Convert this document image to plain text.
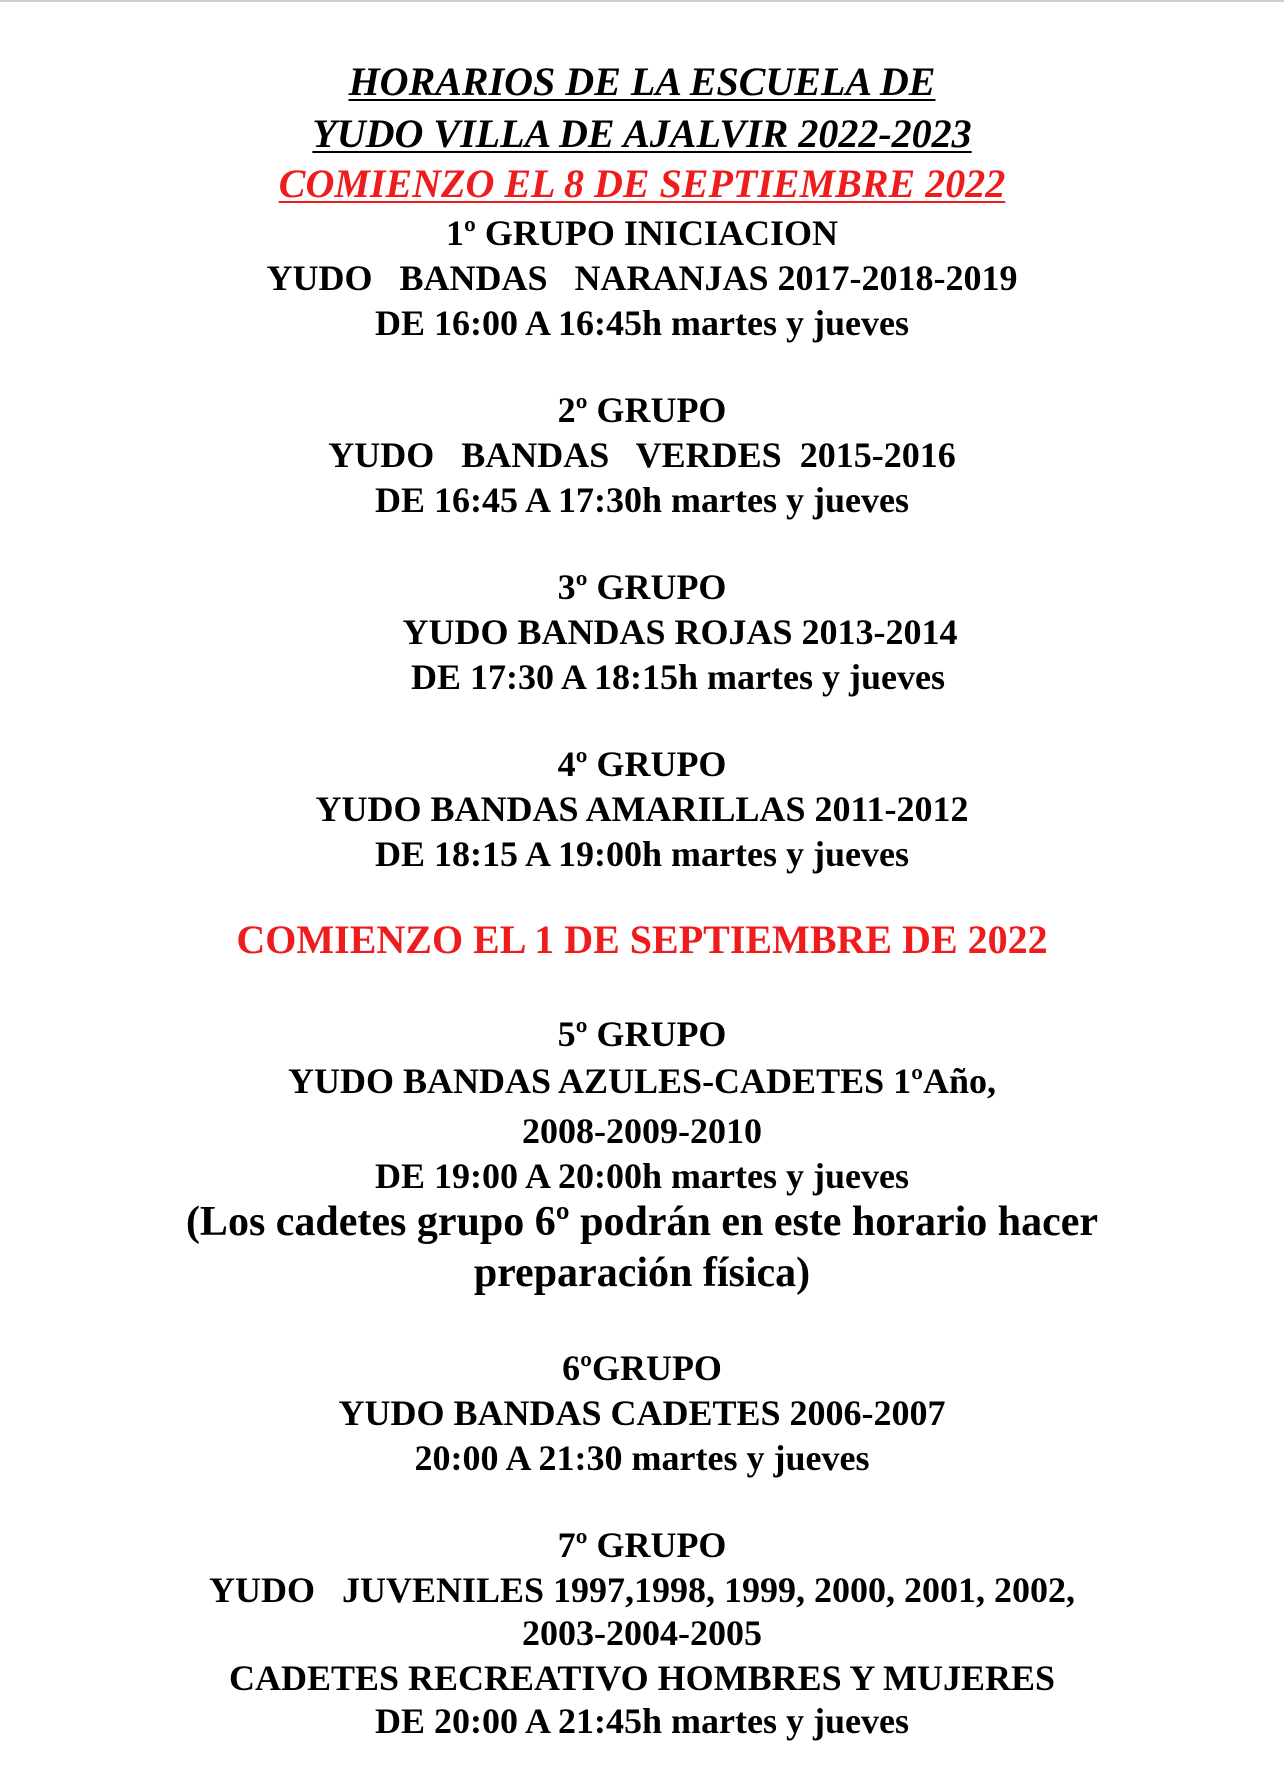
HORARIOS DE LA ESCUELA DE
YUDO VILLA DE AJALVIR 2022-2023
COMIENZO EL 8 DE SEPTIEMBRE 2022
1º GRUPO INICIACION
YUDO   BANDAS   NARANJAS 2017-2018-2019
DE 16:00 A 16:45h martes y jueves
2º GRUPO
YUDO   BANDAS   VERDES  2015-2016
DE 16:45 A 17:30h martes y jueves
3º GRUPO
YUDO BANDAS ROJAS 2013-2014
DE 17:30 A 18:15h martes y jueves
4º GRUPO
YUDO BANDAS AMARILLAS 2011-2012
DE 18:15 A 19:00h martes y jueves
COMIENZO EL 1 DE SEPTIEMBRE DE 2022
5º GRUPO
YUDO BANDAS AZULES-CADETES 1ºAño,
2008-2009-2010
DE 19:00 A 20:00h martes y jueves
(Los cadetes grupo 6º podrán en este horario hacer
preparación física)
6ºGRUPO
YUDO BANDAS CADETES 2006-2007
20:00 A 21:30 martes y jueves
7º GRUPO
YUDO   JUVENILES 1997,1998, 1999, 2000, 2001, 2002,
2003-2004-2005
CADETES RECREATIVO HOMBRES Y MUJERES
DE 20:00 A 21:45h martes y jueves
